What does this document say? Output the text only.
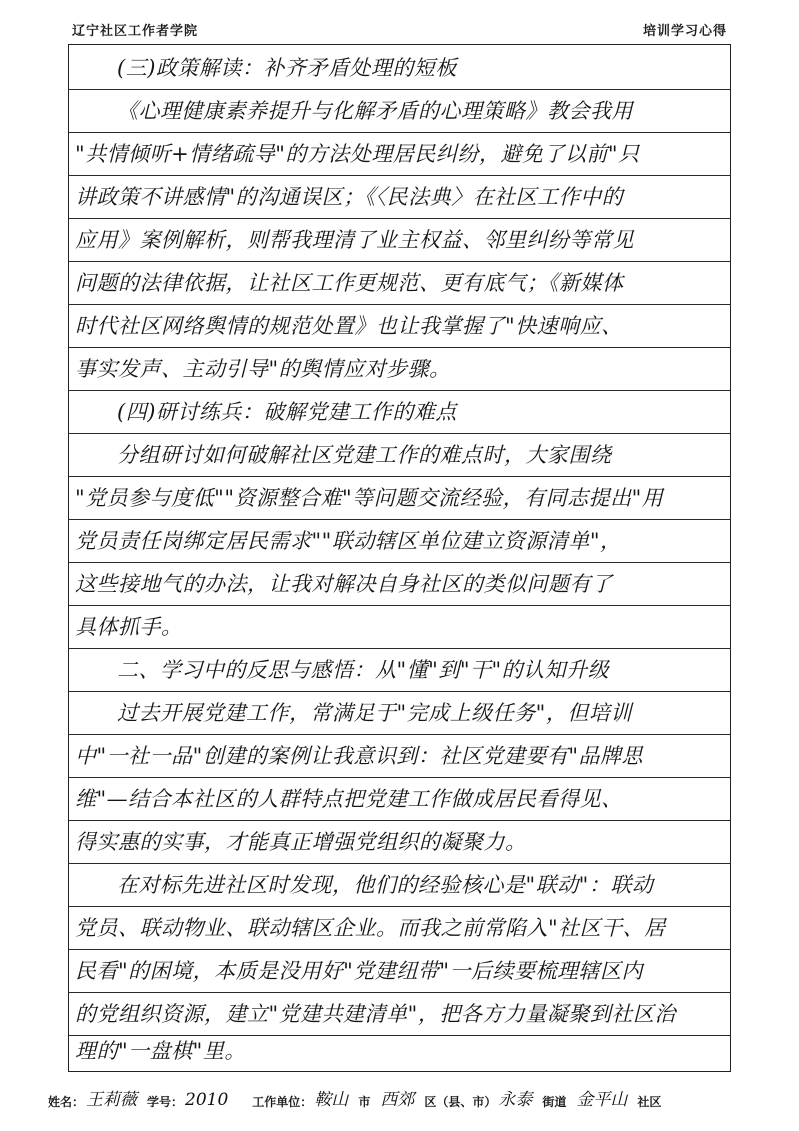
辽宁社区工作者学院	培训学习心得
(三)政策解读：补齐矛盾处理的短板
《心理健康素养提升与化解矛盾的心理策略》教会我用
"共情倾听+情绪疏导"的方法处理居民纠纷，避免了以前"只
讲政策不讲感情"的沟通误区；《〈民法典〉在社区工作中的
应用》案例解析，则帮我理清了业主权益、邻里纠纷等常见
问题的法律依据，让社区工作更规范、更有底气；《新媒体
时代社区网络舆情的规范处置》也让我掌握了"快速响应、
事实发声、主动引导"的舆情应对步骤。
(四)研讨练兵：破解党建工作的难点
分组研讨如何破解社区党建工作的难点时，大家围绕
"党员参与度低""资源整合难"等问题交流经验，有同志提出"用
党员责任岗绑定居民需求""联动辖区单位建立资源清单"，
这些接地气的办法，让我对解决自身社区的类似问题有了
具体抓手。
二、学习中的反思与感悟：从"懂"到"干"的认知升级
过去开展党建工作，常满足于"完成上级任务"，但培训
中"一社一品"创建的案例让我意识到：社区党建要有"品牌思
维"—结合本社区的人群特点把党建工作做成居民看得见、
得实惠的实事，才能真正增强党组织的凝聚力。
在对标先进社区时发现，他们的经验核心是"联动"：联动
党员、联动物业、联动辖区企业。而我之前常陷入"社区干、居
民看"的困境，本质是没用好"党建纽带"一后续要梳理辖区内
的党组织资源，建立"党建共建清单"，把各方力量凝聚到社区治
理的"一盘棋"里。
姓名： 王莉薇 学号： 2010 工作单位： 鞍山 市 西郊 区（县、市） 永泰 街道 金平山 社区
